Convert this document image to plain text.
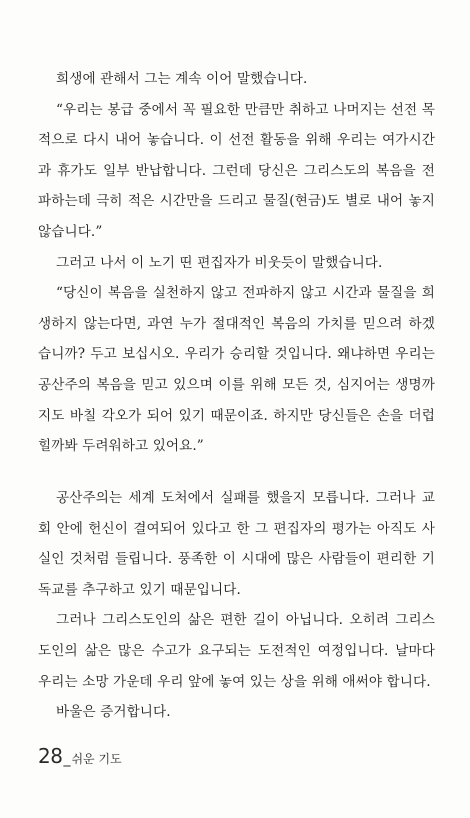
희생에 관해서 그는 계속 이어 말했습니다.

“우리는 봉급 중에서 꼭 필요한 만큼만 취하고 나머지는 선전 목적으로 다시 내어 놓습니다. 이 선전 활동을 위해 우리는 여가시간과 휴가도 일부 반납합니다. 그런데 당신은 그리스도의 복음을 전파하는데 극히 적은 시간만을 드리고 물질(현금)도 별로 내어 놓지 않습니다.”

그러고 나서 이 노기 띤 편집자가 비웃듯이 말했습니다.

“당신이 복음을 실천하지 않고 전파하지 않고 시간과 물질을 희생하지 않는다면, 과연 누가 절대적인 복음의 가치를 믿으려 하겠습니까? 두고 보십시오. 우리가 승리할 것입니다. 왜냐하면 우리는 공산주의 복음을 믿고 있으며 이를 위해 모든 것, 심지어는 생명까지도 바칠 각오가 되어 있기 때문이죠. 하지만 당신들은 손을 더럽힐까봐 두려워하고 있어요.”

공산주의는 세계 도처에서 실패를 했을지 모릅니다. 그러나 교회 안에 헌신이 결여되어 있다고 한 그 편집자의 평가는 아직도 사실인 것처럼 들립니다. 풍족한 이 시대에 많은 사람들이 편리한 기독교를 추구하고 있기 때문입니다.

그러나 그리스도인의 삶은 편한 길이 아닙니다. 오히려 그리스도인의 삶은 많은 수고가 요구되는 도전적인 여정입니다. 날마다 우리는 소망 가운데 우리 앞에 놓여 있는 상을 위해 애써야 합니다.

바울은 증거합니다.

28 _ 쉬운 기도
